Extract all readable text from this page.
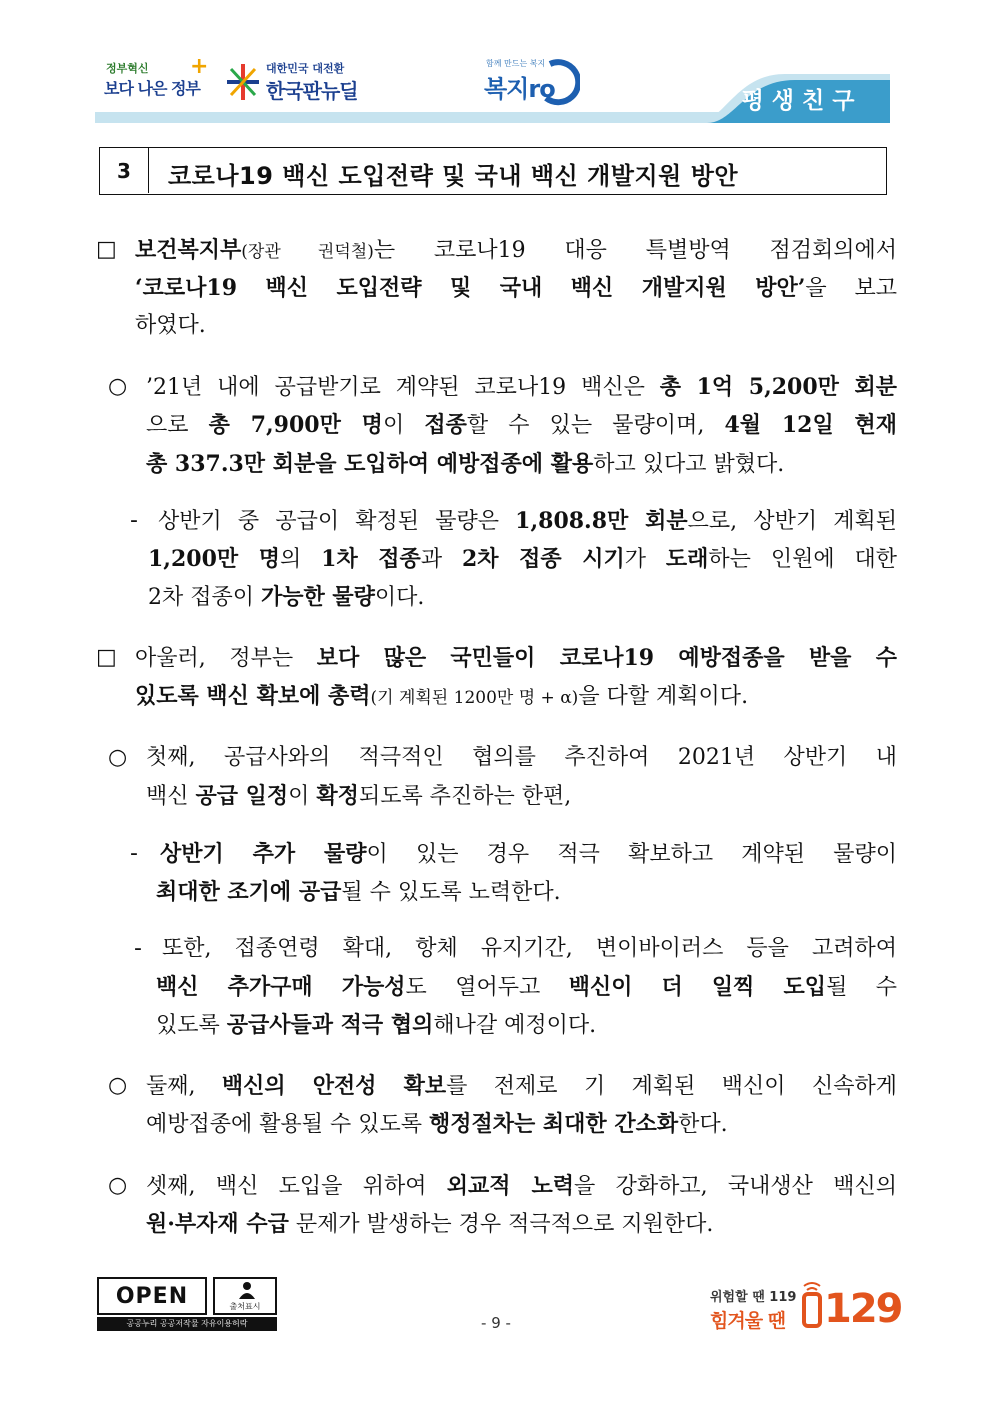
평생친구
정부혁신
보다 나은 정부
+	대한민국 대전환
한국판뉴딜
함께 만드는 복지
복지ro
3	코로나19 백신 도입전략 및 국내 백신 개발지원 방안
□ 보건복지부(장관 권덕철)는 코로나19 대응 특별방역 점검회의에서
‘코로나19 백신 도입전략 및 국내 백신 개발지원 방안’을 보고
하였다.
○ ’21년 내에 공급받기로 계약된 코로나19 백신은 총 1억 5,200만 회분
으로 총 7,900만 명이 접종할 수 있는 물량이며, 4월 12일 현재
총 337.3만 회분을 도입하여 예방접종에 활용하고 있다고 밝혔다.
- 상반기 중 공급이 확정된 물량은 1,808.8만 회분으로, 상반기 계획된
1,200만 명의 1차 접종과 2차 접종 시기가 도래하는 인원에 대한
2차 접종이 가능한 물량이다.
□ 아울러, 정부는 보다 많은 국민들이 코로나19 예방접종을 받을 수
있도록 백신 확보에 총력(기 계획된 1200만 명 + α)을 다할 계획이다.
○ 첫째, 공급사와의 적극적인 협의를 추진하여 2021년 상반기 내
백신 공급 일정이 확정되도록 추진하는 한편,
- 상반기 추가 물량이 있는 경우 적극 확보하고 계약된 물량이
최대한 조기에 공급될 수 있도록 노력한다.
- 또한, 접종연령 확대, 항체 유지기간, 변이바이러스 등을 고려하여
백신 추가구매 가능성도 열어두고 백신이 더 일찍 도입될 수
있도록 공급사들과 적극 협의해나갈 예정이다.
○ 둘째, 백신의 안전성 확보를 전제로 기 계획된 백신이 신속하게
예방접종에 활용될 수 있도록 행정절차는 최대한 간소화한다.
○ 셋째, 백신 도입을 위하여 외교적 노력을 강화하고, 국내생산 백신의
원·부자재 수급 문제가 발생하는 경우 적극적으로 지원한다.
OPEN	출처표시
공공누리 공공저작물 자유이용허락	- 9 -
위험할 땐 119
힘겨울 땐 129
